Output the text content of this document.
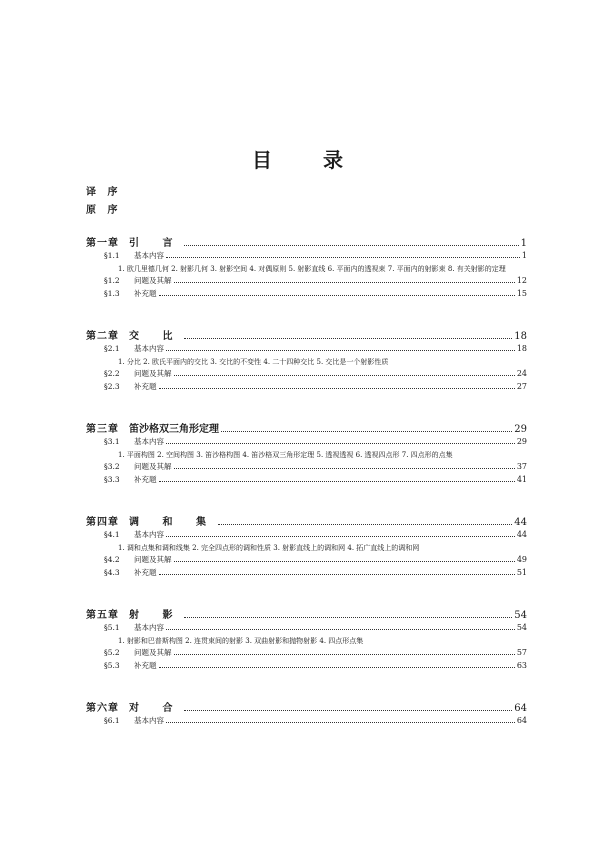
目 录
译 序
原 序
第一章 引 言	1
§1.1	基本内容	1
1. 欧几里德几何 2. 射影几何 3. 射影空间 4. 对偶原则 5. 射影直线 6. 平面内的透视束 7. 平面内的射影束 8. 有关射影的定理
§1.2	问题及其解	12
§1.3	补充题	15
第二章 交 比	18
§2.1	基本内容	18
1. 分比 2. 欧氏平面内的交比 3. 交比的不变性 4. 二十四种交比 5. 交比是一个射影性质
§2.2	问题及其解	24
§2.3	补充题	27
第三章 笛沙格双三角形定理	29
§3.1	基本内容	29
1. 平面构图 2. 空间构图 3. 笛沙格构图 4. 笛沙格双三角形定理 5. 透视透视 6. 透视四点形 7. 四点形的点集
§3.2	问题及其解	37
§3.3	补充题	41
第四章 调 和 集	44
§4.1	基本内容	44
1. 调和点集和调和线集 2. 完全四点形的调和性质 3. 射影直线上的调和网 4. 拓广直线上的调和网
§4.2	问题及其解	49
§4.3	补充题	51
第五章 射 影	54
§5.1	基本内容	54
1. 射影和巴普斯构图 2. 连贯束间的射影 3. 双曲射影和抛物射影 4. 四点形点集
§5.2	问题及其解	57
§5.3	补充题	63
第六章 对 合	64
§6.1	基本内容	64
